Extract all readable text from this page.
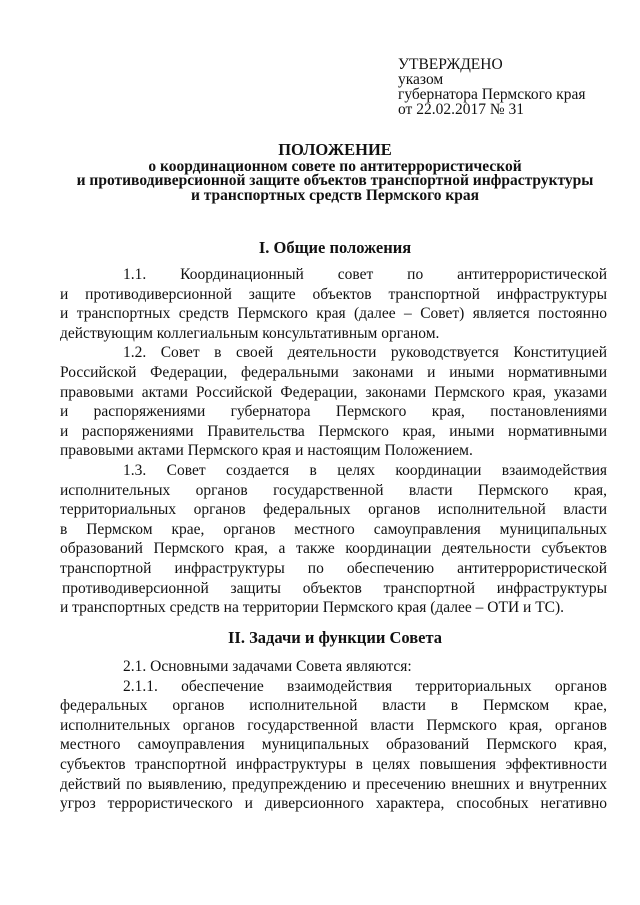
УТВЕРЖДЕНО
указом
губернатора Пермского края
от 22.02.2017 № 31
ПОЛОЖЕНИЕ
о координационном совете по антитеррористической
и противодиверсионной защите объектов транспортной инфраструктуры
и транспортных средств Пермского края
I. Общие положения
1.1. Координационный совет по антитеррористической
и противодиверсионной защите объектов транспортной инфраструктуры
и транспортных средств Пермского края (далее – Совет) является постоянно
действующим коллегиальным консультативным органом.
1.2. Совет в своей деятельности руководствуется Конституцией
Российской Федерации, федеральными законами и иными нормативными
правовыми актами Российской Федерации, законами Пермского края, указами
и распоряжениями губернатора Пермского края, постановлениями
и распоряжениями Правительства Пермского края, иными нормативными
правовыми актами Пермского края и настоящим Положением.
1.3. Совет создается в целях координации взаимодействия
исполнительных органов государственной власти Пермского края,
территориальных органов федеральных органов исполнительной власти
в Пермском крае, органов местного самоуправления муниципальных
образований Пермского края, а также координации деятельности субъектов
транспортной инфраструктуры по обеспечению антитеррористической
противодиверсионной защиты объектов транспортной инфраструктуры
и транспортных средств на территории Пермского края (далее – ОТИ и ТС).
II. Задачи и функции Совета
2.1. Основными задачами Совета являются:
2.1.1. обеспечение взаимодействия территориальных органов
федеральных органов исполнительной власти в Пермском крае,
исполнительных органов государственной власти Пермского края, органов
местного самоуправления муниципальных образований Пермского края,
субъектов транспортной инфраструктуры в целях повышения эффективности
действий по выявлению, предупреждению и пресечению внешних и внутренних
угроз террористического и диверсионного характера, способных негативно
